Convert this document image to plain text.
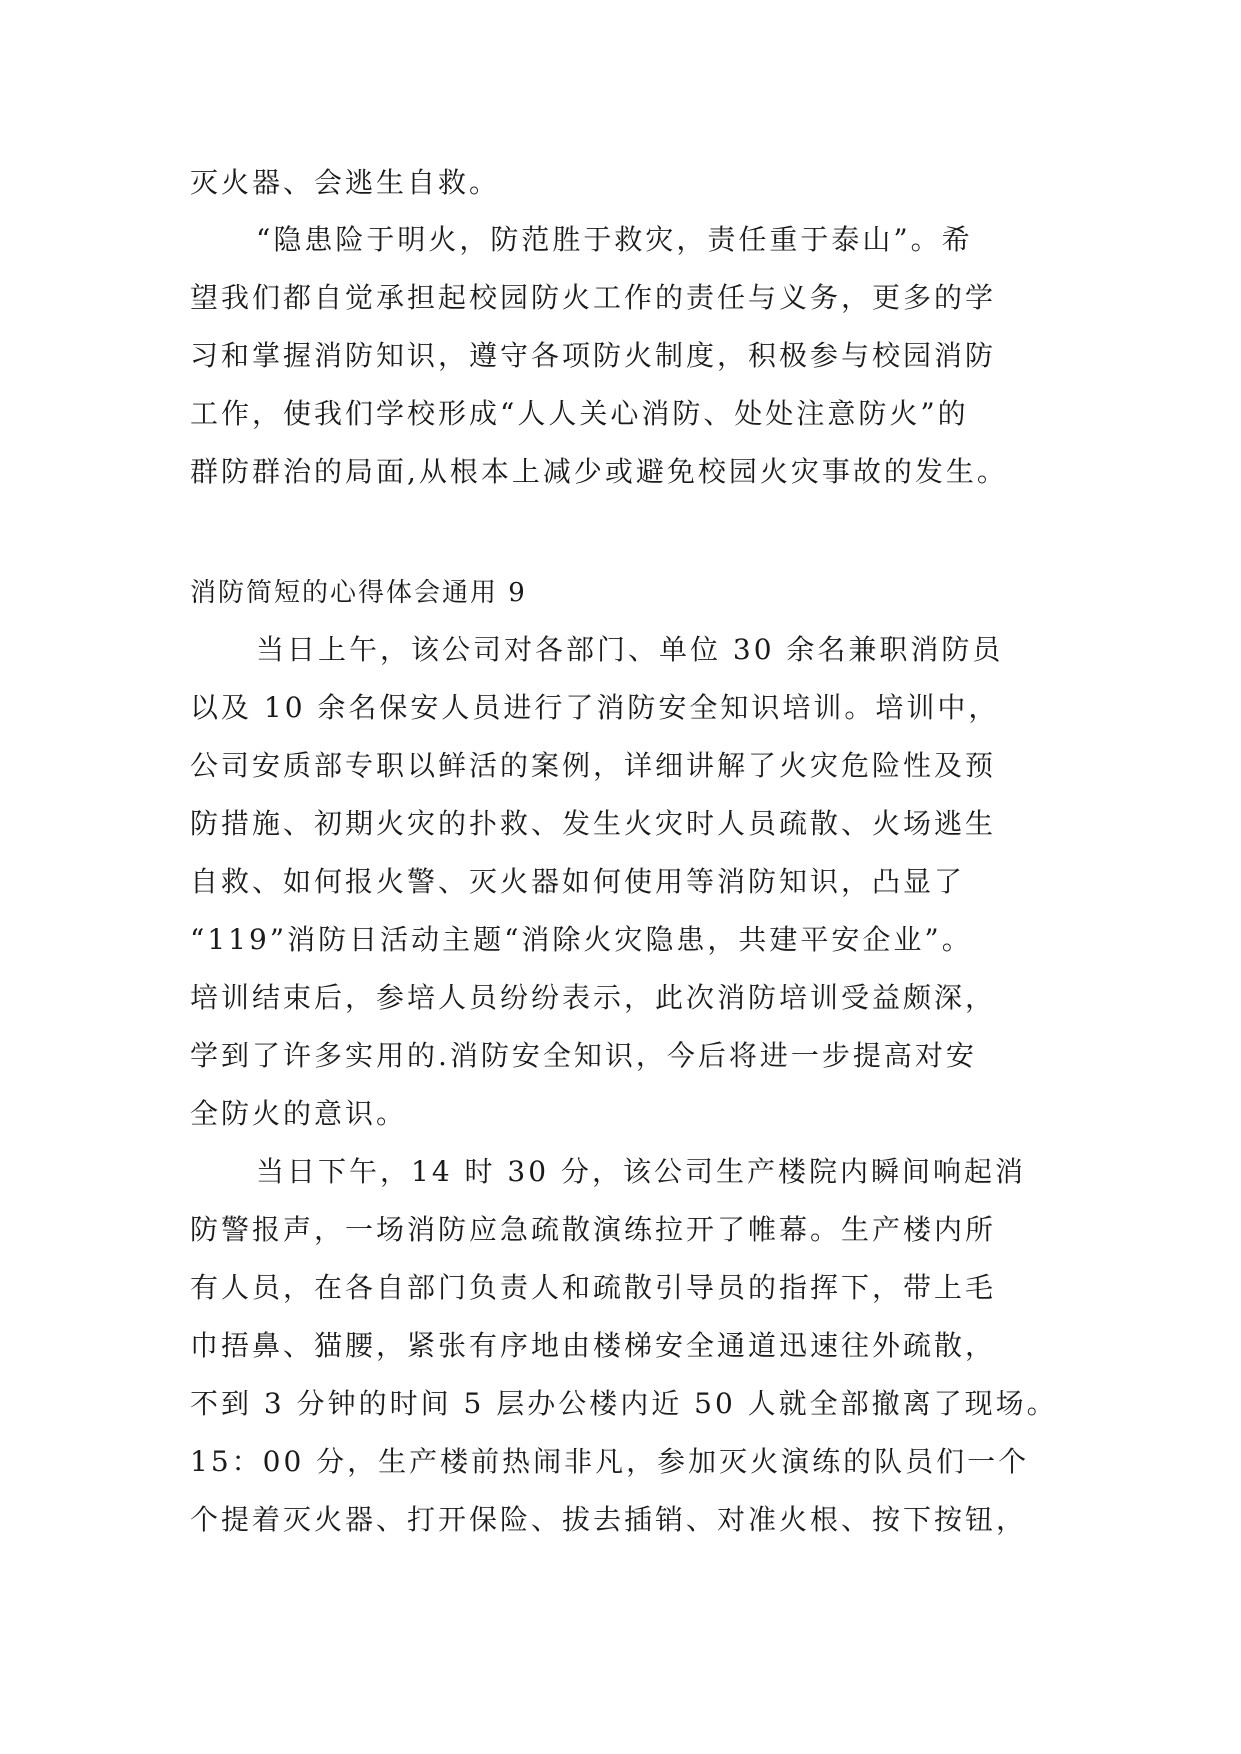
灭火器、会逃生自救。
“隐患险于明火，防范胜于救灾，责任重于泰山”。希
望我们都自觉承担起校园防火工作的责任与义务，更多的学
习和掌握消防知识，遵守各项防火制度，积极参与校园消防
工作，使我们学校形成“人人关心消防、处处注意防火”的
群防群治的局面,从根本上减少或避免校园火灾事故的发生。
消防简短的心得体会通用 9
当日上午，该公司对各部门、单位 30 余名兼职消防员
以及 10 余名保安人员进行了消防安全知识培训。培训中，
公司安质部专职以鲜活的案例，详细讲解了火灾危险性及预
防措施、初期火灾的扑救、发生火灾时人员疏散、火场逃生
自救、如何报火警、灭火器如何使用等消防知识，凸显了
“119”消防日活动主题“消除火灾隐患，共建平安企业”。
培训结束后，参培人员纷纷表示，此次消防培训受益颇深，
学到了许多实用的.消防安全知识，今后将进一步提高对安
全防火的意识。
当日下午，14 时 30 分，该公司生产楼院内瞬间响起消
防警报声，一场消防应急疏散演练拉开了帷幕。生产楼内所
有人员，在各自部门负责人和疏散引导员的指挥下，带上毛
巾捂鼻、猫腰，紧张有序地由楼梯安全通道迅速往外疏散，
不到 3 分钟的时间 5 层办公楼内近 50 人就全部撤离了现场。
15：00 分，生产楼前热闹非凡，参加灭火演练的队员们一个
个提着灭火器、打开保险、拔去插销、对准火根、按下按钮，
